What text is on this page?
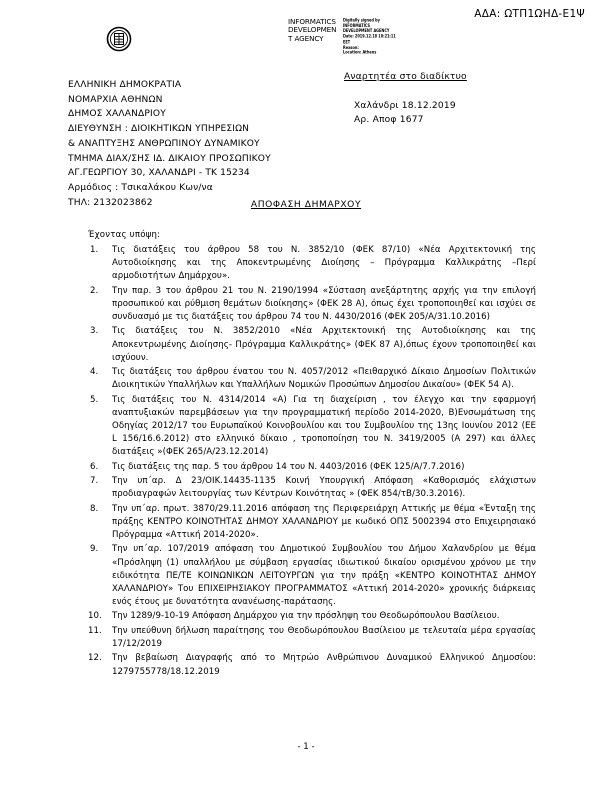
ΑΔΑ: ΩΤΠ1ΩΗΔ-Ε1Ψ
INFORMATICS
DEVELOPMEN
T AGENCY
Digitally signed by
INFORMATICS
DEVELOPMENT AGENCY
Date: 2019.12.18 10:21:11
EET
Reason:
Location: Athens
ΕΛΛΗΝΙΚΗ ΔΗΜΟΚΡΑΤΙΑ
ΝΟΜΑΡΧΙΑ ΑΘΗΝΩΝ
ΔΗΜΟΣ ΧΑΛΑΝΔΡΙΟΥ
ΔΙΕΥΘΥΝΣΗ : ΔΙΟΙΚΗΤΙΚΩΝ ΥΠΗΡΕΣΙΩΝ
& ΑΝΑΠΤΥΞΗΣ ΑΝΘΡΩΠΙΝΟΥ ΔΥΝΑΜΙΚΟΥ
ΤΜΗΜΑ ΔΙΑΧ/ΣΗΣ ΙΔ. ΔΙΚΑΙΟΥ ΠΡΟΣΩΠΙΚΟΥ
ΑΓ.ΓΕΩΡΓΙΟΥ 30, ΧΑΛΑΝΔΡΙ - ΤΚ 15234
Αρμόδιος : Τσικαλάκου Κων/να
ΤΗΛ: 2132023862
Αναρτητέα στο διαδίκτυο
Χαλάνδρι 18.12.2019
Αρ. Αποφ 1677
ΑΠΟΦΑΣΗ ΔΗΜΑΡΧΟΥ
Έχοντας υπόψη:
Τις διατάξεις του άρθρου 58 του Ν. 3852/10 (ΦΕΚ 87/10) «Νέα Αρχιτεκτονική της Αυτοδιοίκησης και της Αποκεντρωμένης Διοίησης – Πρόγραμμα Καλλικράτης –Περί αρμοδιοτήτων Δημάρχου».
Την παρ. 3 του άρθρου 21 του Ν. 2190/1994 «Σύσταση ανεξάρτητης αρχής για την επιλογή προσωπικού και ρύθμιση θεμάτων διοίκησης» (ΦΕΚ 28 Α), όπως έχει τροποποιηθεί και ισχύει σε συνδυασμό με τις διατάξεις του άρθρου 74 του Ν. 4430/2016 (ΦΕΚ 205/Α/31.10.2016)
Τις διατάξεις του Ν. 3852/2010 «Νέα Αρχιτεκτονική της Αυτοδιοίκησης και της Αποκεντρωμένης Διοίησης- Πρόγραμμα Καλλικράτης» (ΦΕΚ 87 Α),όπως έχουν τροποποιηθεί και ισχύουν.
Τις διατάξεις του άρθρου ένατου του Ν. 4057/2012 «Πειθαρχικό Δίκαιο Δημοσίων Πολιτικών Διοικητικών Υπαλλήλων και Υπαλλήλων Νομικών Προσώπων Δημοσίου Δικαίου» (ΦΕΚ 54 Α).
Τις διατάξεις του Ν. 4314/2014 «Α) Για τη διαχείριση , τον έλεγχο και την εφαρμογή αναπτυξιακών παρεμβάσεων για την προγραμματική περίοδο 2014-2020, Β)Ενσωμάτωση της Οδηγίας 2012/17 του Ευρωπαϊκού Κοινοβουλίου και του Συμβουλίου της 13ης Ιουνίου 2012 (ΕΕ L 156/16.6.2012) στο ελληνικό δίκαιο , τροποποίηση του Ν. 3419/2005 (Α 297) και άλλες διατάξεις »(ΦΕΚ 265/Α/23.12.2014)
Τις διατάξεις της παρ. 5 του άρθρου 14 του Ν. 4403/2016 (ΦΕΚ 125/Α/7.7.2016)
Την υπ΄αρ. Δ 23/ΟΙΚ.14435-1135 Κοινή Υπουργική Απόφαση «Καθορισμός ελάχιστων προδιαγραφών λειτουργίας των Κέντρων Κοινότητας » (ΦΕΚ 854/τΒ/30.3.2016).
Την υπ΄αρ. πρωτ. 3870/29.11.2016 απόφαση της Περιφερειάρχη Αττικής με θέμα «Ένταξη της πράξης ΚΕΝΤΡΟ ΚΟΙΝΟΤΗΤΑΣ ΔΗΜΟΥ ΧΑΛΑΝΔΡΙΟΥ με κωδικό ΟΠΣ 5002394 στο Επιχειρησιακό Πρόγραμμα «Αττική 2014-2020».
Την υπ΄αρ. 107/2019 απόφαση του Δημοτικού Συμβουλίου του Δήμου Χαλανδρίου με θέμα «Πρόσληψη (1) υπαλλήλου με σύμβαση εργασίας ιδιωτικού δικαίου ορισμένου χρόνου με την ειδικότητα ΠΕ/ΤΕ ΚΟΙΝΩΝΙΚΩΝ ΛΕΙΤΟΥΡΓΩΝ για την πράξη «ΚΕΝΤΡΟ ΚΟΙΝΟΤΗΤΑΣ ΔΗΜΟΥ ΧΑΛΑΝΔΡΙΟΥ» Του ΕΠΙΧΕΙΡΗΣΙΑΚΟΥ ΠΡΟΓΡΑΜΜΑΤΟΣ «Αττική 2014-2020» χρονικής διάρκειας ενός έτους με δυνατότητα ανανέωσης-παράτασης.
Την 1289/9-10-19 Απόφαση Δημάρχου για την πρόσληψη του Θεοδωρόπουλου Βασίλειου.
Την υπεύθυνη δήλωση παραίτησης του Θεοδωρόπουλου Βασίλειου με τελευταία μέρα εργασίας 17/12/2019
Την βεβαίωση Διαγραφής από το Μητρώο Ανθρώπινου Δυναμικού Ελληνικού Δημοσίου: 1279755778/18.12.2019
- 1 -
